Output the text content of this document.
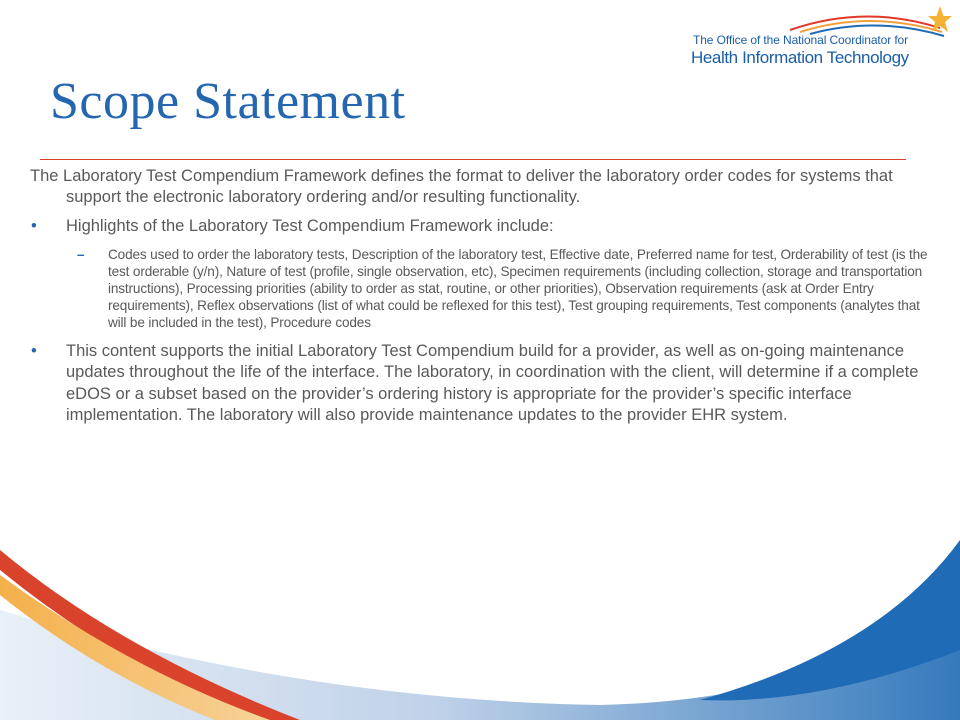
The Office of the National Coordinator for
Health Information Technology
Scope Statement

The Laboratory Test Compendium Framework defines the format to deliver the laboratory order codes for systems that support the electronic laboratory ordering and/or resulting functionality.

• Highlights of the Laboratory Test Compendium Framework include:
– Codes used to order the laboratory tests, Description of the laboratory test, Effective date, Preferred name for test, Orderability of test (is the test orderable (y/n), Nature of test (profile, single observation, etc), Specimen requirements (including collection, storage and transportation instructions), Processing priorities (ability to order as stat, routine, or other priorities), Observation requirements (ask at Order Entry requirements), Reflex observations (list of what could be reflexed for this test), Test grouping requirements, Test components (analytes that will be included in the test), Procedure codes
• This content supports the initial Laboratory Test Compendium build for a provider, as well as on-going maintenance updates throughout the life of the interface. The laboratory, in coordination with the client, will determine if a complete eDOS or a subset based on the provider’s ordering history is appropriate for the provider’s specific interface implementation. The laboratory will also provide maintenance updates to the provider EHR system.
